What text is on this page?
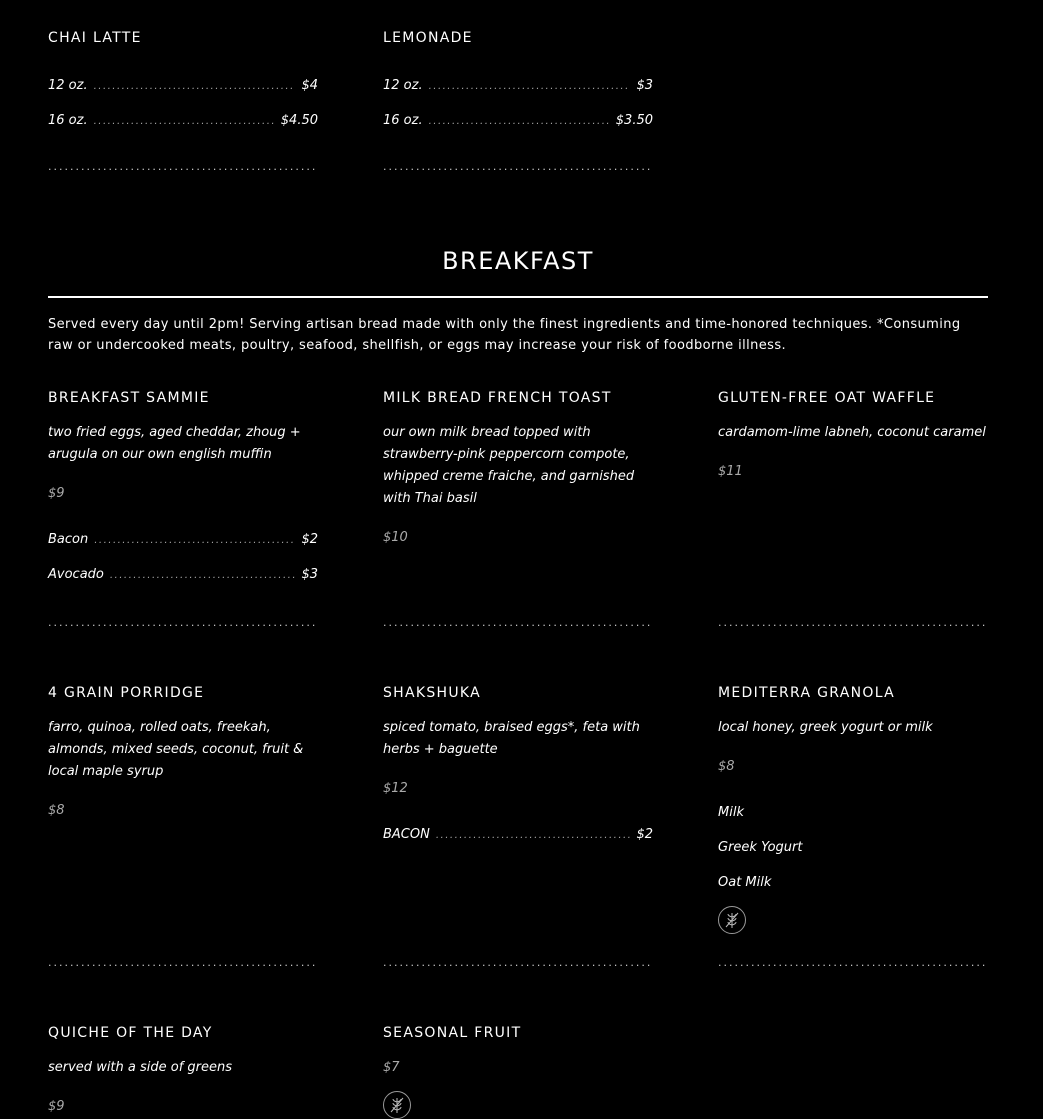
CHAI LATTE
12 oz. .....	$4
16 oz. .....	$4.50
LEMONADE
12 oz. .....	$3
16 oz. .....	$3.50
.....
.....
BREAKFAST
Served every day until 2pm! Serving artisan bread made with only the finest ingredients and time-honored techniques. *Consuming raw or undercooked meats, poultry, seafood, shellfish, or eggs may increase your risk of foodborne illness.
BREAKFAST SAMMIE
two fried eggs, aged cheddar, zhoug + arugula on our own english muffin
$9
Bacon .....	$2
Avocado .....	$3
MILK BREAD FRENCH TOAST
our own milk bread topped with strawberry-pink peppercorn compote, whipped creme fraiche, and garnished with Thai basil
$10
GLUTEN-FREE OAT WAFFLE
cardamom-lime labneh, coconut caramel
$11
.....
.....
.....
4 GRAIN PORRIDGE
farro, quinoa, rolled oats, freekah, almonds, mixed seeds, coconut, fruit & local maple syrup
$8
SHAKSHUKA
spiced tomato, braised eggs*, feta with herbs + baguette
$12
BACON .....	$2
MEDITERRA GRANOLA
local honey, greek yogurt or milk
$8
Milk
Greek Yogurt
Oat Milk
.....
.....
.....
QUICHE OF THE DAY
served with a side of greens
$9
SEASONAL FRUIT
$7
